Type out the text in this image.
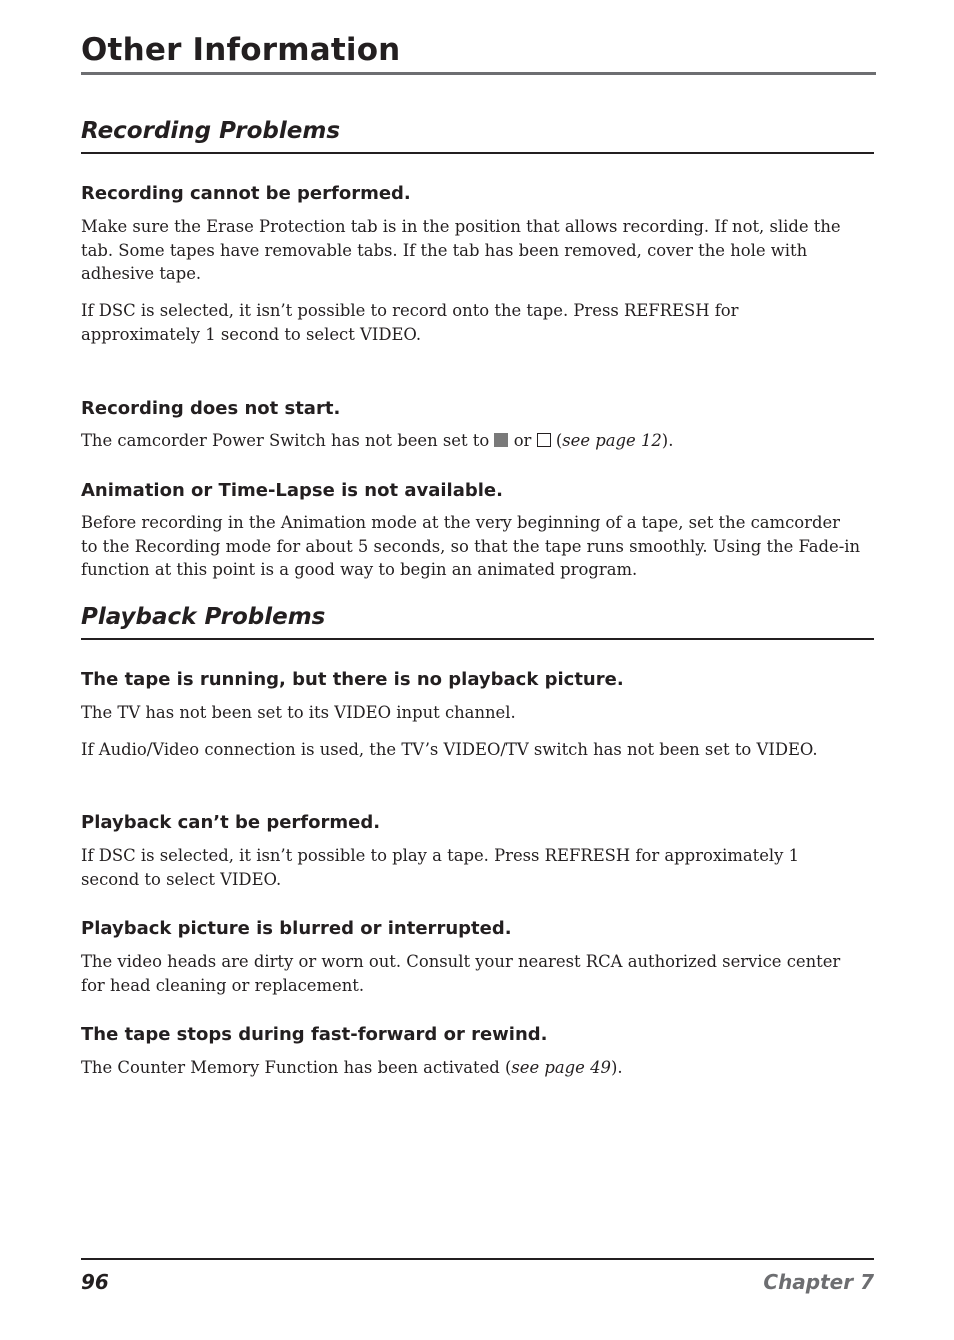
Other Information
Recording Problems
Recording cannot be performed.

Make sure the Erase Protection tab is in the position that allows recording. If not, slide the tab. Some tapes have removable tabs. If the tab has been removed, cover the hole with adhesive tape.

If DSC is selected, it isn’t possible to record onto the tape. Press REFRESH for approximately 1 second to select VIDEO.

Recording does not start.

The camcorder Power Switch has not been set to or (see page 12).

Animation or Time-Lapse is not available.

Before recording in the Animation mode at the very beginning of a tape, set the camcorder to the Recording mode for about 5 seconds, so that the tape runs smoothly. Using the Fade-in function at this point is a good way to begin an animated program.

Playback Problems
The tape is running, but there is no playback picture.

The TV has not been set to its VIDEO input channel.

If Audio/Video connection is used, the TV’s VIDEO/TV switch has not been set to VIDEO.

Playback can’t be performed.

If DSC is selected, it isn’t possible to play a tape. Press REFRESH for approximately 1 second to select VIDEO.

Playback picture is blurred or interrupted.

The video heads are dirty or worn out. Consult your nearest RCA authorized service center for head cleaning or replacement.

The tape stops during fast-forward or rewind.

The Counter Memory Function has been activated (see page 49).

96	Chapter 7
